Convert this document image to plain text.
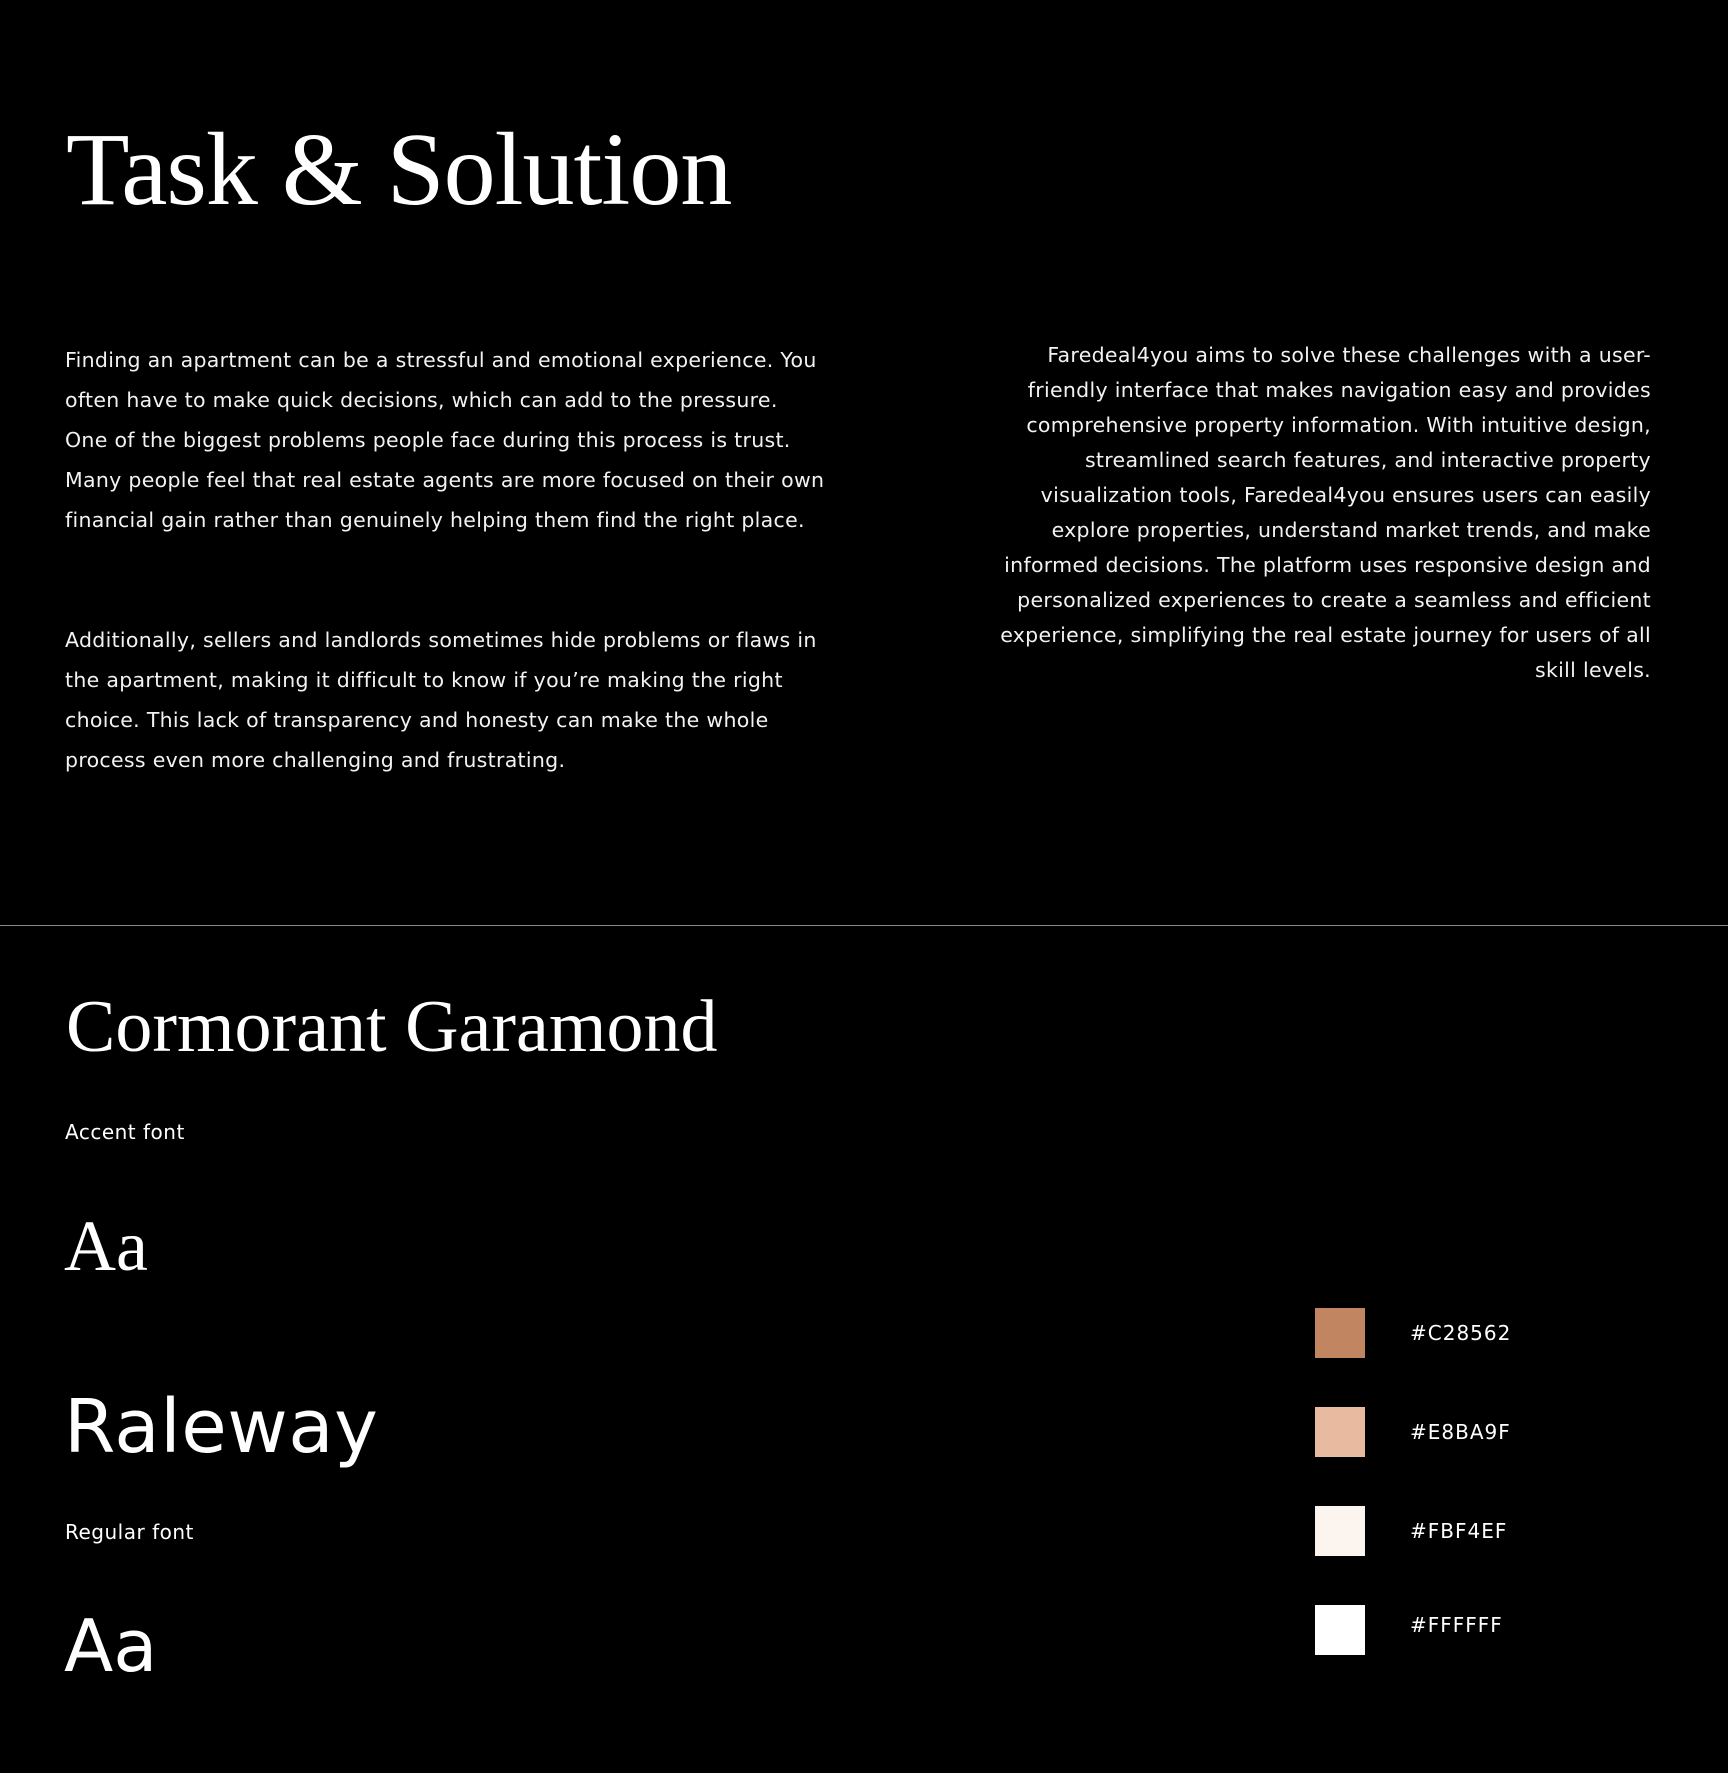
Task & Solution

Finding an apartment can be a stressful and emotional experience. You often have to make quick decisions, which can add to the pressure. One of the biggest problems people face during this process is trust. Many people feel that real estate agents are more focused on their own financial gain rather than genuinely helping them find the right place.

Additionally, sellers and landlords sometimes hide problems or flaws in the apartment, making it difficult to know if you’re making the right choice. This lack of transparency and honesty can make the whole process even more challenging and frustrating.

Faredeal4you aims to solve these challenges with a user-friendly interface that makes navigation easy and provides comprehensive property information. With intuitive design, streamlined search features, and interactive property visualization tools, Faredeal4you ensures users can easily explore properties, understand market trends, and make informed decisions. The platform uses responsive design and personalized experiences to create a seamless and efficient experience, simplifying the real estate journey for users of all skill levels.

Cormorant Garamond
Accent font
Aa
Raleway
Regular font
Aa
#C28562
#E8BA9F
#FBF4EF
#FFFFFF
